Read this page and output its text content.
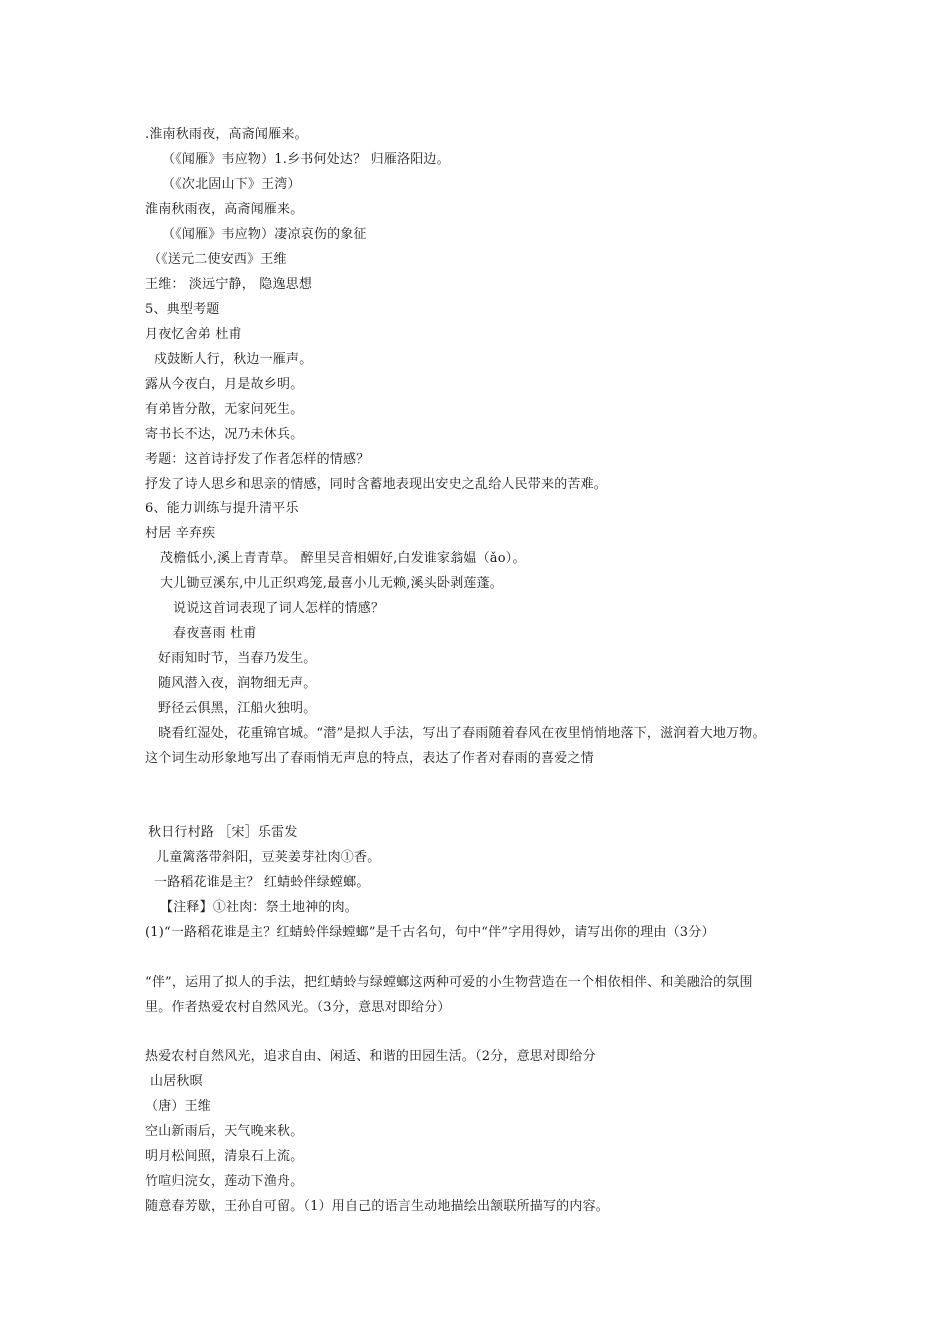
.淮南秋雨夜，高斋闻雁来。
（《闻雁》韦应物）1.乡书何处达？ 归雁洛阳边。
（《次北固山下》王湾）
淮南秋雨夜，高斋闻雁来。
（《闻雁》韦应物）凄凉哀伤的象征
（《送元二使安西》王维
王维： 淡远宁静， 隐逸思想
5、典型考题
月夜忆舍弟 杜甫
戍鼓断人行，秋边一雁声。
露从今夜白，月是故乡明。
有弟皆分散，无家问死生。
寄书长不达，况乃未休兵。
考题：这首诗抒发了作者怎样的情感？
抒发了诗人思乡和思亲的情感，同时含蓄地表现出安史之乱给人民带来的苦难。
6、能力训练与提升清平乐
村居 辛弃疾
茂檐低小,溪上青青草。 醉里吴音相媚好,白发谁家翁媪（ǎo）。
大儿锄豆溪东,中儿正织鸡笼,最喜小儿无赖,溪头卧剥莲蓬。
说说这首词表现了词人怎样的情感？
春夜喜雨 杜甫
好雨知时节，当春乃发生。
随风潜入夜，润物细无声。
野径云俱黑，江船火独明。
晓看红湿处，花重锦官城。“潜”是拟人手法，写出了春雨随着春风在夜里悄悄地落下，滋润着大地万物。
这个词生动形象地写出了春雨悄无声息的特点，表达了作者对春雨的喜爱之情
秋日行村路 ［宋］乐雷发
儿童篱落带斜阳，豆荚姜芽社肉①香。
一路稻花谁是主？ 红蜻蛉伴绿螳螂。
【注释】①社肉：祭土地神的肉。
(1)“一路稻花谁是主？红蜻蛉伴绿螳螂”是千古名句，句中“伴”字用得妙，请写出你的理由（3分）
“伴”，运用了拟人的手法，把红蜻蛉与绿螳螂这两种可爱的小生物营造在一个相依相伴、和美融洽的氛围
里。作者热爱农村自然风光。（3分，意思对即给分）
热爱农村自然风光，追求自由、闲适、和谐的田园生活。（2分，意思对即给分
山居秋暝
（唐）王维
空山新雨后，天气晚来秋。
明月松间照，清泉石上流。
竹喧归浣女，莲动下渔舟。
随意春芳歇，王孙自可留。（1）用自己的语言生动地描绘出颔联所描写的内容。
